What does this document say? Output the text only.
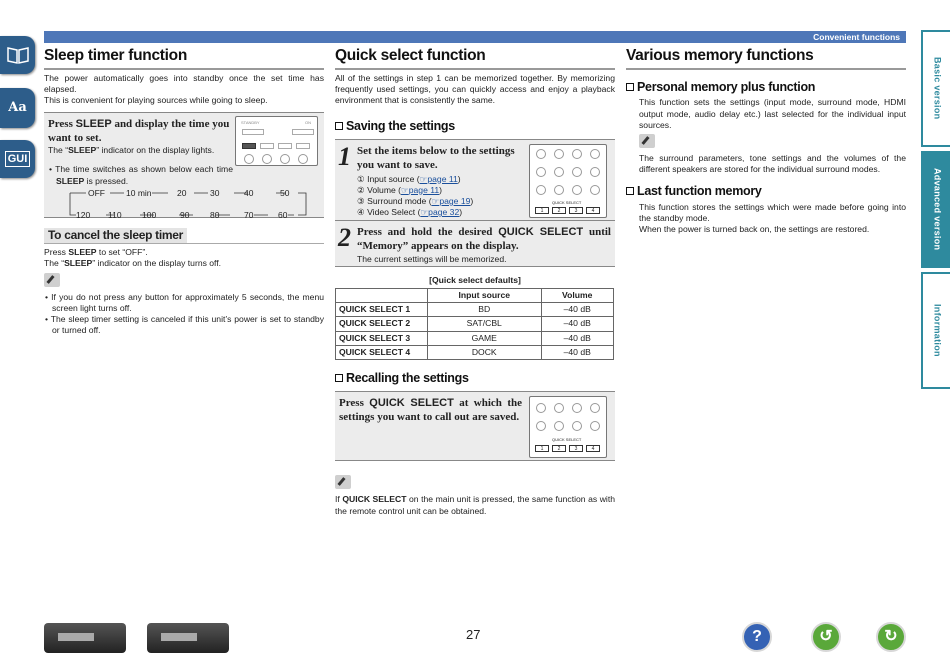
Convenient functions
Aa
GUI
Basic version
Advanced version
Information
Sleep timer function

The power automatically goes into standby once the set time has elapsed.

This is convenient for playing sources while going to sleep.

Press SLEEP and display the time you want to set.
The “SLEEP” indicator on the display lights.
• The time switches as shown below each time SLEEP is pressed.
STANDBY	ON
OFF 10 min	20	30	40	50
120 110 100	90 80	70	60
To cancel the sleep timer

Press SLEEP to set “OFF”.

The “SLEEP” indicator on the display turns off.

• If you do not press any button for approximately 5 seconds, the menu screen light turns off.

• The sleep timer setting is canceled if this unit’s power is set to standby or turned off.

Quick select function

All of the settings in step 1 can be memorized together. By memorizing frequently used settings, you can quickly access and enjoy a playback environment that is consistently the same.

Saving the settings
1 Set the items below to the settings you want to save.
① Input source (☞page 11)
② Volume (☞page 11)
③ Surround mode (☞page 19)
④ Video Select (☞page 32)
QUICK SELECT
1	2	3	4
2 Press and hold the desired QUICK SELECT until “Memory” appears on the display.
The current settings will be memorized.
[Quick select defaults]
	Input source	Volume
QUICK SELECT 1	BD	–40 dB
QUICK SELECT 2	SAT/CBL	–40 dB
QUICK SELECT 3	GAME	–40 dB
QUICK SELECT 4	DOCK	–40 dB
Recalling the settings
Press QUICK SELECT at which the settings you want to call out are saved.
QUICK SELECT
1	2	3	4

If QUICK SELECT on the main unit is pressed, the same function as with the remote control unit can be obtained.

Various memory functions
Personal memory plus function

This function sets the settings (input mode, surround mode, HDMI output mode, audio delay etc.) last selected for the individual input sources.

The surround parameters, tone settings and the volumes of the different speakers are stored for the individual surround modes.

Last function memory

This function stores the settings which were made before going into the standby mode.

When the power is turned back on, the settings are restored.

27	?	↺	↻
